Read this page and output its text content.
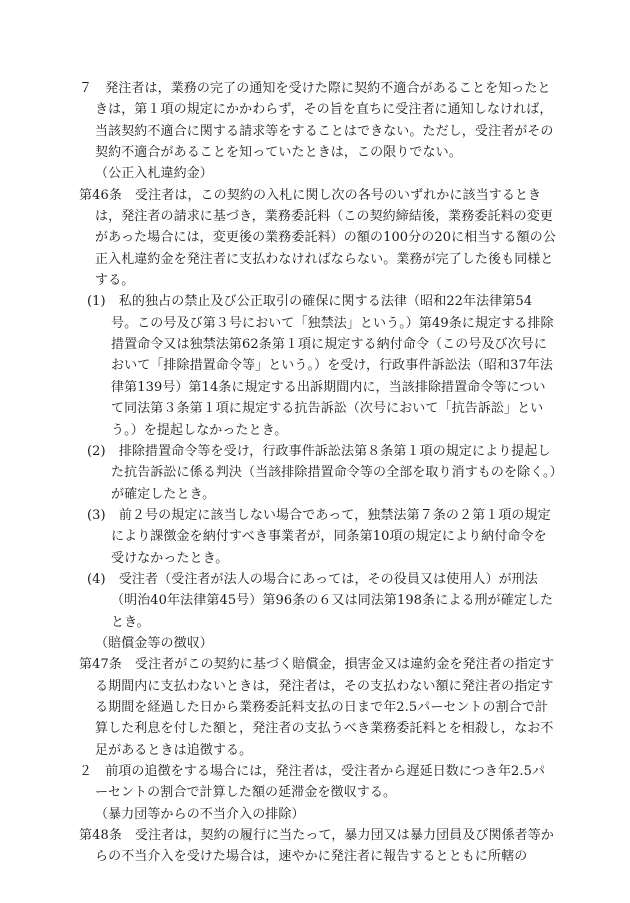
７　発注者は，業務の完了の通知を受けた際に契約不適合があることを知ったときは，第１項の規定にかかわらず，その旨を直ちに受注者に通知しなければ，当該契約不適合に関する請求等をすることはできない。ただし，受注者がその契約不適合があることを知っていたときは，この限りでない。

（公正入札違約金）

第46条　受注者は，この契約の入札に関し次の各号のいずれかに該当するときは，発注者の請求に基づき，業務委託料（この契約締結後，業務委託料の変更があった場合には，変更後の業務委託料）の額の100分の20に相当する額の公正入札違約金を発注者に支払わなければならない。業務が完了した後も同様とする。

(1)　私的独占の禁止及び公正取引の確保に関する法律（昭和22年法律第54号。この号及び第３号において「独禁法」という。）第49条に規定する排除措置命令又は独禁法第62条第１項に規定する納付命令（この号及び次号において「排除措置命令等」という。）を受け，行政事件訴訟法（昭和37年法律第139号）第14条に規定する出訴期間内に，当該排除措置命令等について同法第３条第１項に規定する抗告訴訟（次号において「抗告訴訟」という。）を提起しなかったとき。

(2)　排除措置命令等を受け，行政事件訴訟法第８条第１項の規定により提起した抗告訴訟に係る判決（当該排除措置命令等の全部を取り消すものを除く。）が確定したとき。

(3)　前２号の規定に該当しない場合であって，独禁法第７条の２第１項の規定により課徴金を納付すべき事業者が，同条第10項の規定により納付命令を受けなかったとき。

(4)　受注者（受注者が法人の場合にあっては，その役員又は使用人）が刑法（明治40年法律第45号）第96条の６又は同法第198条による刑が確定したとき。

（賠償金等の徴収）

第47条　受注者がこの契約に基づく賠償金，損害金又は違約金を発注者の指定する期間内に支払わないときは，発注者は，その支払わない額に発注者の指定する期間を経過した日から業務委託料支払の日まで年2.5パーセントの割合で計算した利息を付した額と，発注者の支払うべき業務委託料とを相殺し，なお不足があるときは追徴する。

２　前項の追徴をする場合には，発注者は，受注者から遅延日数につき年2.5パーセントの割合で計算した額の延滞金を徴収する。

（暴力団等からの不当介入の排除）

第48条　受注者は，契約の履行に当たって，暴力団又は暴力団員及び関係者等からの不当介入を受けた場合は，速やかに発注者に報告するとともに所轄の
